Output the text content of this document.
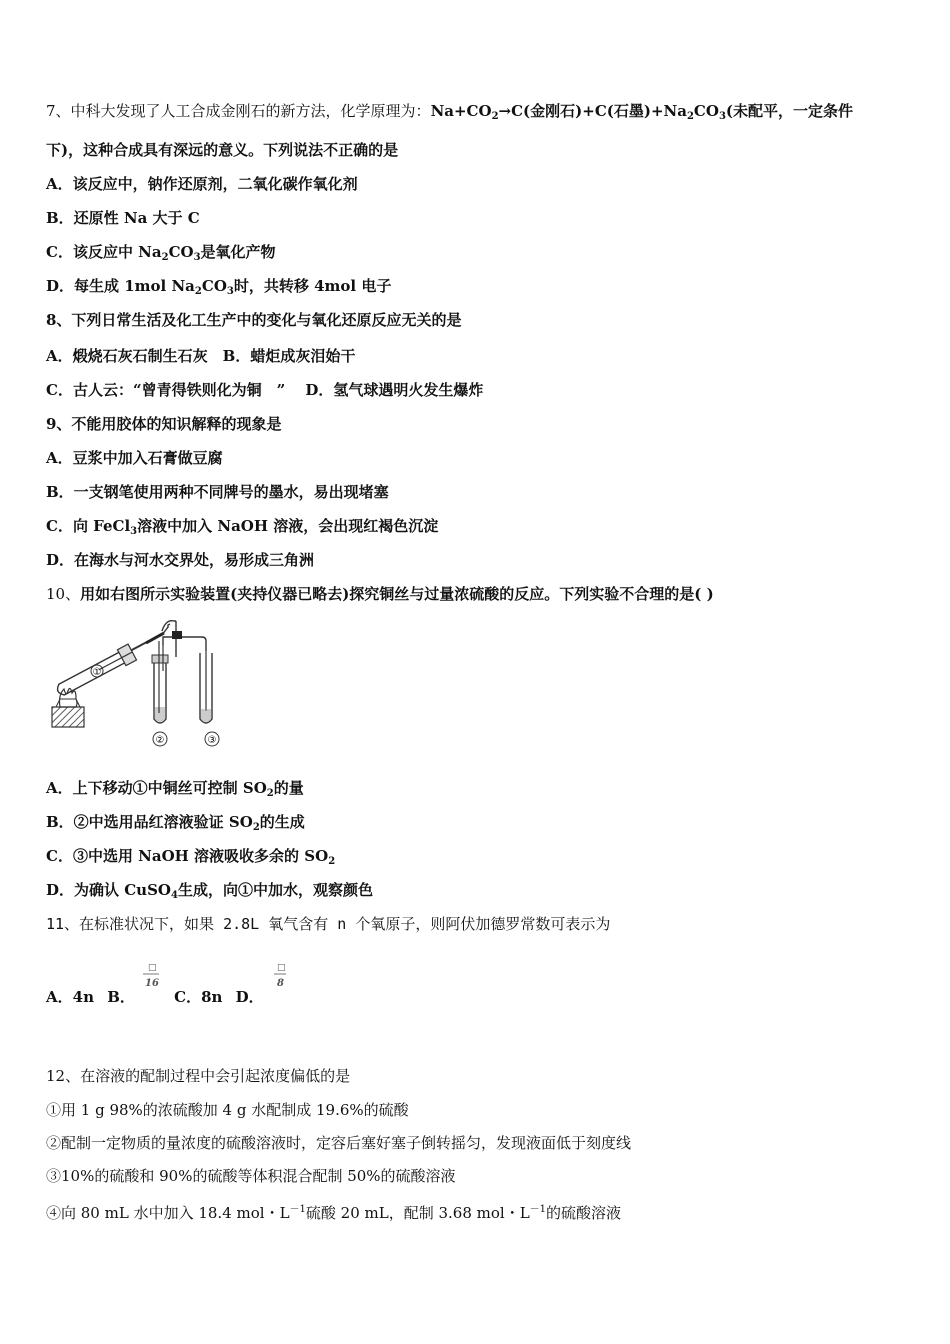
7、中科大发现了人工合成金刚石的新方法，化学原理为：$Na+CO_2\to C$(金刚石)+C(石墨)$+Na_2CO_3$(未配平，一定条件
下)，这种合成具有深远的意义。下列说法不正确的是
A．该反应中，钠作还原剂，二氧化碳作氧化剂
B．还原性 Na 大于 C
C．该反应中 $Na_2CO_3$是氧化产物
D．每生成 1mol $Na_2CO_3$时，共转移 4mol 电子
8、下列日常生活及化工生产中的变化与氧化还原反应无关的是
A．煅烧石灰石制生石灰　B．蜡炬成灰泪始干
C．古人云：“曾青得铁则化为铜　”　 D．氢气球遇明火发生爆炸
9、不能用胶体的知识解释的现象是
A．豆浆中加入石膏做豆腐
B．一支钢笔使用两种不同牌号的墨水，易出现堵塞
C．向 FeCl$_3$溶液中加入 NaOH 溶液，会出现红褐色沉淀
D．在海水与河水交界处，易形成三角洲
10、用如右图所示实验装置(夹持仪器已略去)探究铜丝与过量浓硫酸的反应。下列实验不合理的是( )
①
②	③
A．上下移动①中铜丝可控制 $SO_2$的量
B．②中选用品红溶液验证 $SO_2$的生成
C．③中选用 NaOH 溶液吸收多余的 $SO_2$
D．为确认 CuSO$_4$生成，向①中加水，观察颜色
11、在标准状况下，如果 2.8L 氧气含有 n 个氧原子，则阿伏加德罗常数可表示为
A．4n B．
□
16
C．8n D．
□
8
12、在溶液的配制过程中会引起浓度偏低的是
①用 1 g 98%的浓硫酸加 4 g 水配制成 19.6%的硫酸
②配制一定物质的量浓度的硫酸溶液时，定容后塞好塞子倒转摇匀，发现液面低于刻度线
③10%的硫酸和 90%的硫酸等体积混合配制 50%的硫酸溶液
④向 80 mL 水中加入 18.4 mol・$L^{-1}$硫酸 20 mL，配制 3.68 mol・$L^{-1}$的硫酸溶液
